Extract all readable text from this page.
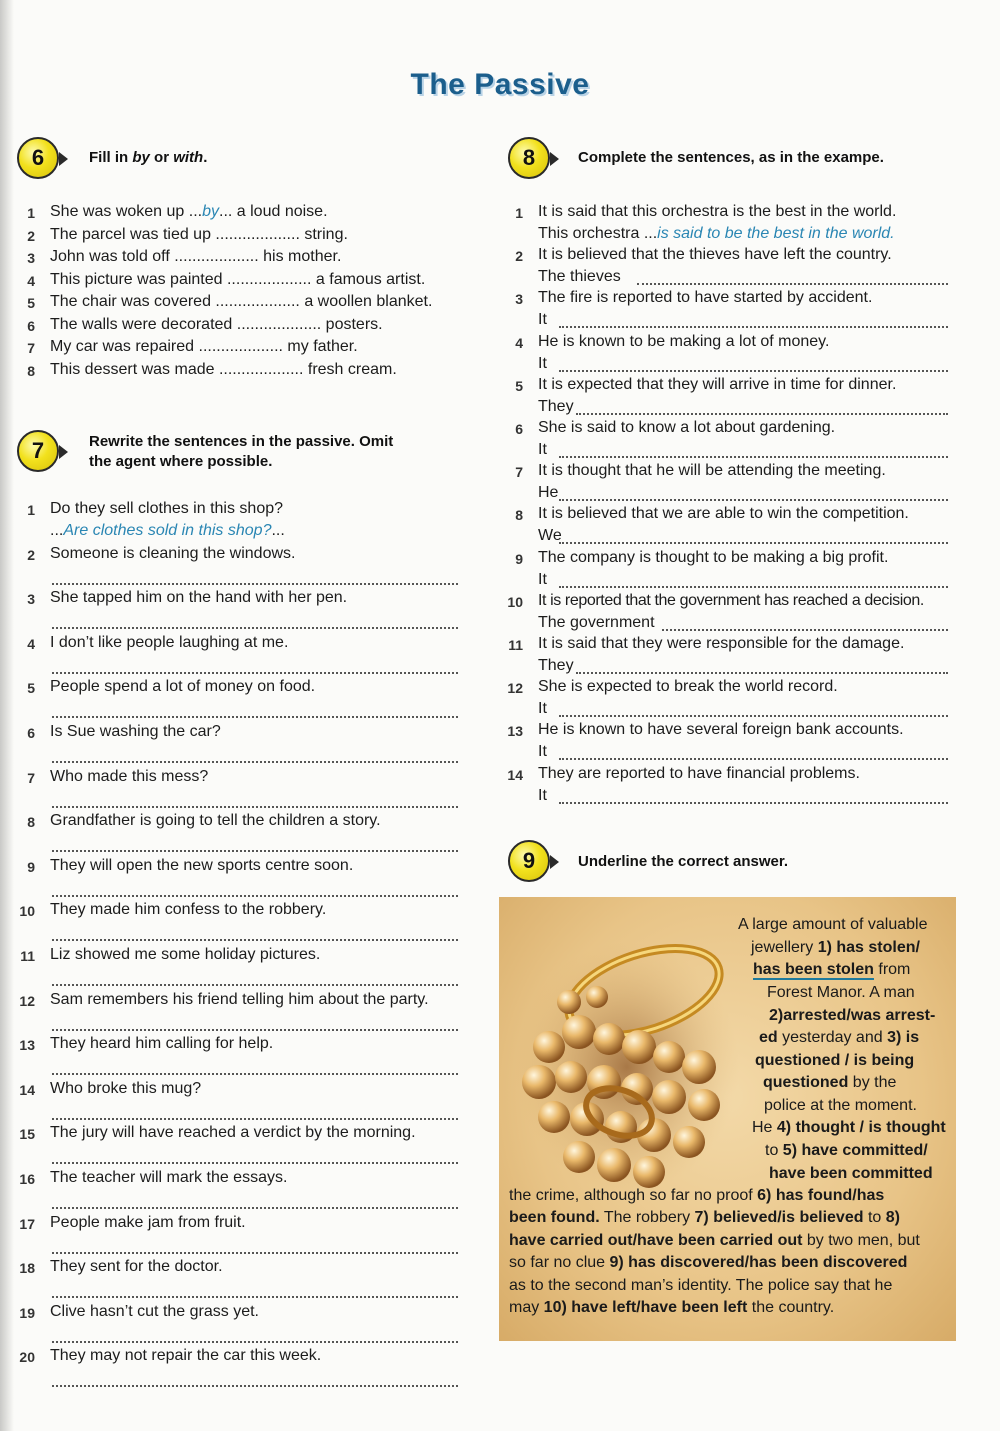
The Passive
6	Fill in by or with.
1 She was woken up ...by... a loud noise.
2 The parcel was tied up ................... string.
3 John was told off ................... his mother.
4 This picture was painted ................... a famous artist.
5 The chair was covered ................... a woollen blanket.
6 The walls were decorated ................... posters.
7 My car was repaired ................... my father.
8 This dessert was made ................... fresh cream.
7	Rewrite the sentences in the passive. Omit
the agent where possible.
1 Do they sell clothes in this shop?
...Are clothes sold in this shop?...
2 Someone is cleaning the windows.
3 She tapped him on the hand with her pen.
4 I don’t like people laughing at me.
5 People spend a lot of money on food.
6 Is Sue washing the car?
7 Who made this mess?
8 Grandfather is going to tell the children a story.
9 They will open the new sports centre soon.
10 They made him confess to the robbery.
11 Liz showed me some holiday pictures.
12 Sam remembers his friend telling him about the party.
13 They heard him calling for help.
14 Who broke this mug?
15 The jury will have reached a verdict by the morning.
16 The teacher will mark the essays.
17 People make jam from fruit.
18 They sent for the doctor.
19 Clive hasn’t cut the grass yet.
20 They may not repair the car this week.
8	Complete the sentences, as in the exampe.
1 It is said that this orchestra is the best in the world.
This orchestra ...is said to be the best in the world.
2 It is believed that the thieves have left the country.
The thieves
3 The fire is reported to have started by accident.
It
4 He is known to be making a lot of money.
It
5 It is expected that they will arrive in time for dinner.
They
6 She is said to know a lot about gardening.
It
7 It is thought that he will be attending the meeting.
He
8 It is believed that we are able to win the competition.
We
9 The company is thought to be making a big profit.
It
10 It is reported that the government has reached a decision.
The government
11 It is said that they were responsible for the damage.
They
12 She is expected to break the world record.
It
13 He is known to have several foreign bank accounts.
It
14 They are reported to have financial problems.
It
9	Underline the correct answer.
A large amount of valuable
jewellery 1) has stolen/
has been stolen from
Forest Manor. A man
2)arrested/was arrest-
ed yesterday and 3) is
questioned / is being
questioned by the
police at the moment.
He 4) thought / is thought
to 5) have committed/
have been committed
the crime, although so far no proof 6) has found/has
been found. The robbery 7) believed/is believed to 8)
have carried out/have been carried out by two men, but
so far no clue 9) has discovered/has been discovered
as to the second man’s identity. The police say that he
may 10) have left/have been left the country.
